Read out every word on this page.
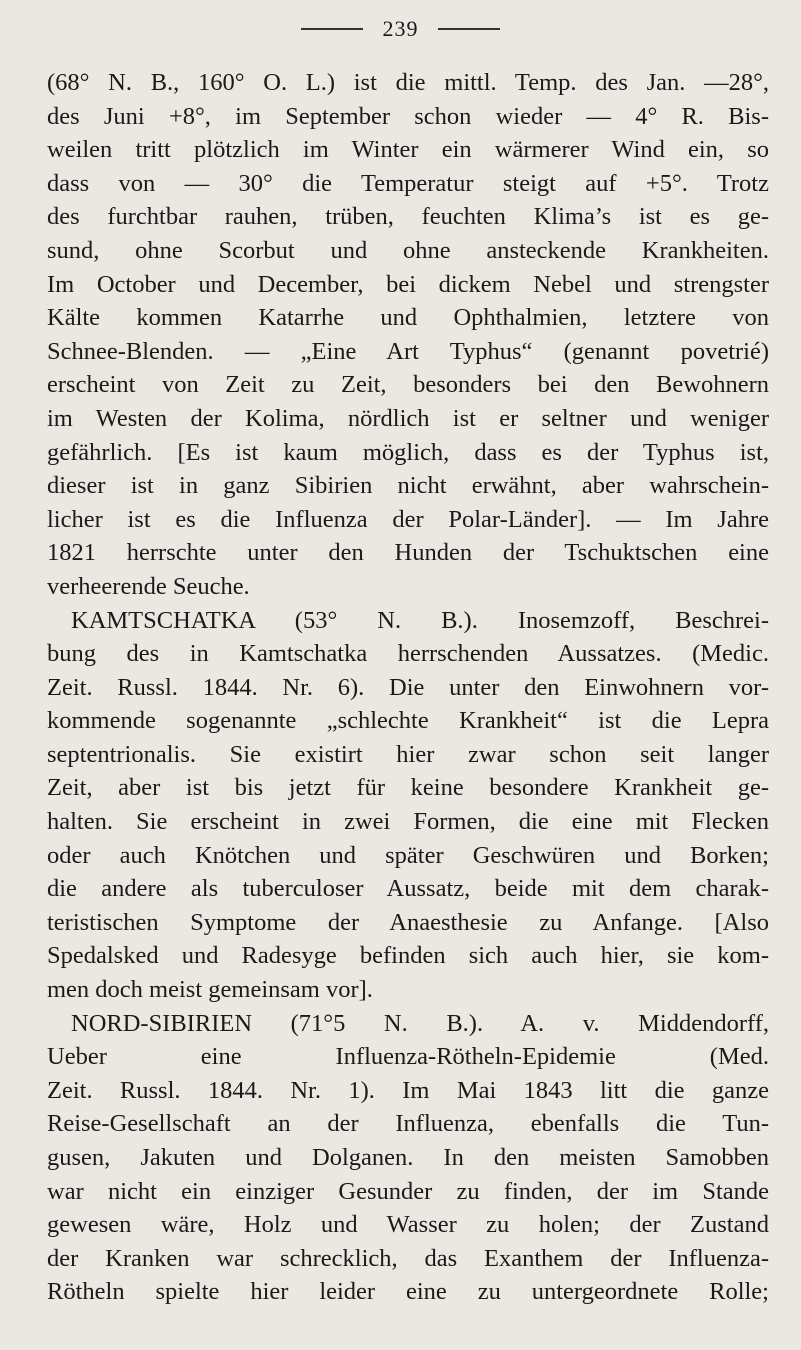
239
(68° N. B., 160° O. L.) ist die mittl. Temp. des Jan. —28°,
des Juni +8°, im September schon wieder — 4° R. Bis-
weilen tritt plötzlich im Winter ein wärmerer Wind ein, so
dass von — 30° die Temperatur steigt auf +5°. Trotz
des furchtbar rauhen, trüben, feuchten Klima’s ist es ge-
sund, ohne Scorbut und ohne ansteckende Krankheiten.
Im October und December, bei dickem Nebel und strengster
Kälte kommen Katarrhe und Ophthalmien, letztere von
Schnee-Blenden. — „Eine Art Typhus“ (genannt povetrié)
erscheint von Zeit zu Zeit, besonders bei den Bewohnern
im Westen der Kolima, nördlich ist er seltner und weniger
gefährlich. [Es ist kaum möglich, dass es der Typhus ist,
dieser ist in ganz Sibirien nicht erwähnt, aber wahrschein-
licher ist es die Influenza der Polar-Länder]. — Im Jahre
1821 herrschte unter den Hunden der Tschuktschen eine
verheerende Seuche.
KAMTSCHATKA (53° N. B.). Inosemzoff, Beschrei-
bung des in Kamtschatka herrschenden Aussatzes. (Medic.
Zeit. Russl. 1844. Nr. 6). Die unter den Einwohnern vor-
kommende sogenannte „schlechte Krankheit“ ist die Lepra
septentrionalis. Sie existirt hier zwar schon seit langer
Zeit, aber ist bis jetzt für keine besondere Krankheit ge-
halten. Sie erscheint in zwei Formen, die eine mit Flecken
oder auch Knötchen und später Geschwüren und Borken;
die andere als tuberculoser Aussatz, beide mit dem charak-
teristischen Symptome der Anaesthesie zu Anfange. [Also
Spedalsked und Radesyge befinden sich auch hier, sie kom-
men doch meist gemeinsam vor].
NORD-SIBIRIEN (71°5 N. B.). A. v. Middendorff,
Ueber eine Influenza-Rötheln-Epidemie (Med.
Zeit. Russl. 1844. Nr. 1). Im Mai 1843 litt die ganze
Reise-Gesellschaft an der Influenza, ebenfalls die Tun-
gusen, Jakuten und Dolganen. In den meisten Samobben
war nicht ein einziger Gesunder zu finden, der im Stande
gewesen wäre, Holz und Wasser zu holen; der Zustand
der Kranken war schrecklich, das Exanthem der Influenza-
Rötheln spielte hier leider eine zu untergeordnete Rolle;
